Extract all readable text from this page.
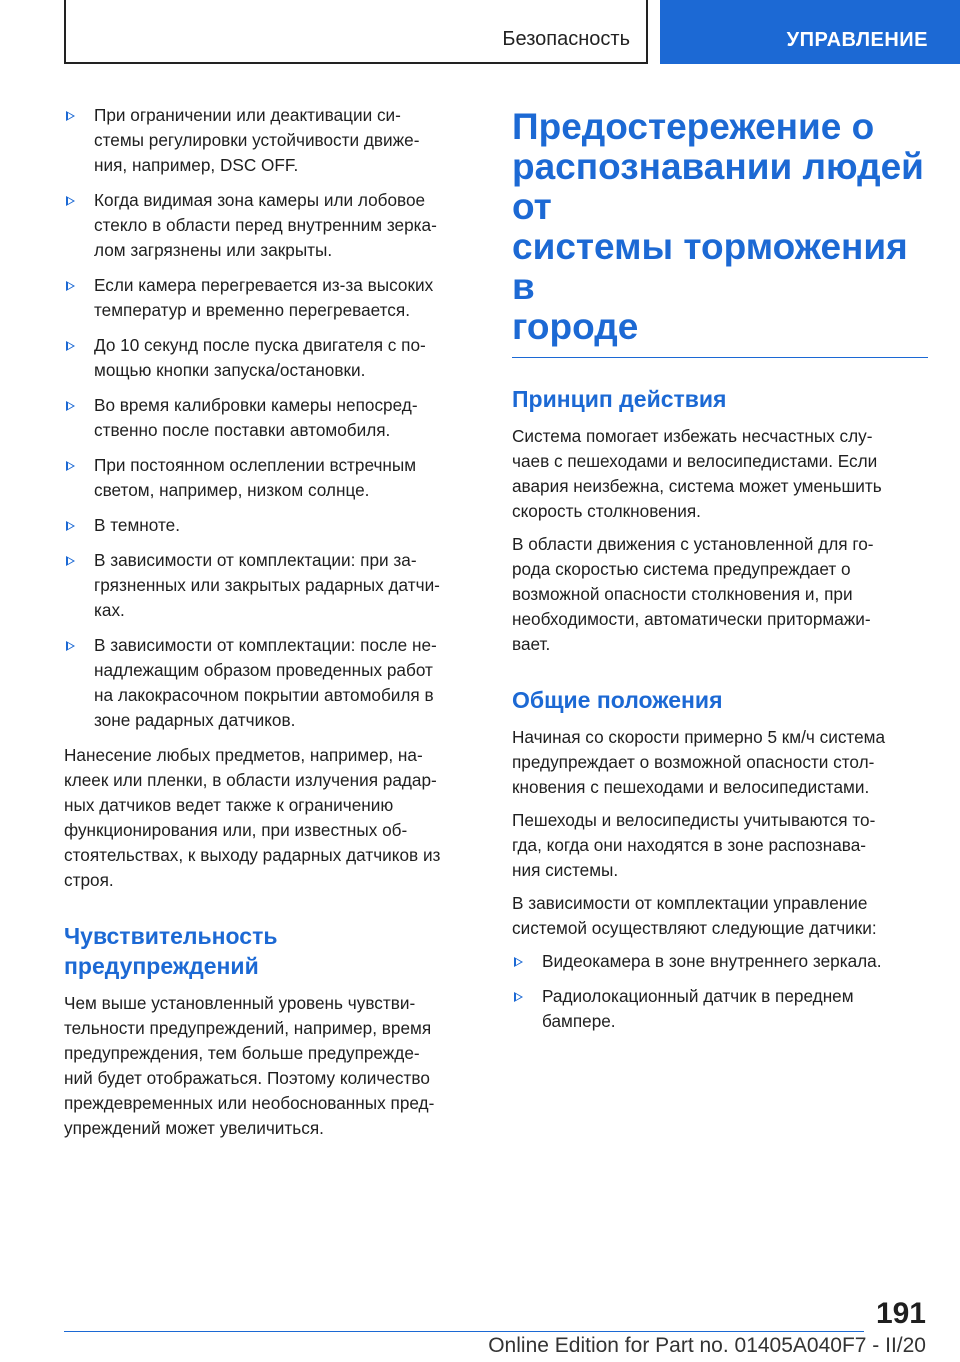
Безопасность	УПРАВЛЕНИЕ
При ограничении или деактивации си-
стемы регулировки устойчивости движе-
ния, например, DSC OFF.
Когда видимая зона камеры или лобовое
стекло в области перед внутренним зерка-
лом загрязнены или закрыты.
Если камера перегревается из-за высоких
температур и временно перегревается.
До 10 секунд после пуска двигателя с по-
мощью кнопки запуска/остановки.
Во время калибровки камеры непосред-
ственно после поставки автомобиля.
При постоянном ослеплении встречным
светом, например, низком солнце.
В темноте.
В зависимости от комплектации: при за-
грязненных или закрытых радарных датчи-
ках.
В зависимости от комплектации: после не-
надлежащим образом проведенных работ
на лакокрасочном покрытии автомобиля в
зоне радарных датчиков.

Нанесение любых предметов, например, на-
клеек или пленки, в области излучения радар-
ных датчиков ведет также к ограничению
функционирования или, при известных об-
стоятельствах, к выходу радарных датчиков из
строя.

Чувствительность
предупреждений

Чем выше установленный уровень чувстви-
тельности предупреждений, например, время
предупреждения, тем больше предупрежде-
ний будет отображаться. Поэтому количество
преждевременных или необоснованных пред-
упреждений может увеличиться.

Предостережение о
распознавании людей от
системы торможения в
городе
Принцип действия

Система помогает избежать несчастных слу-
чаев с пешеходами и велосипедистами. Если
авария неизбежна, система может уменьшить
скорость столкновения.

В области движения с установленной для го-
рода скоростью система предупреждает о
возможной опасности столкновения и, при
необходимости, автоматически притормажи-
вает.

Общие положения

Начиная со скорости примерно 5 км/ч система
предупреждает о возможной опасности стол-
кновения с пешеходами и велосипедистами.

Пешеходы и велосипедисты учитываются то-
гда, когда они находятся в зоне распознава-
ния системы.

В зависимости от комплектации управление
системой осуществляют следующие датчики:

Видеокамера в зоне внутреннего зеркала.
Радиолокационный датчик в переднем
бампере.
191
Online Edition for Part no. 01405A040F7 - II/20
